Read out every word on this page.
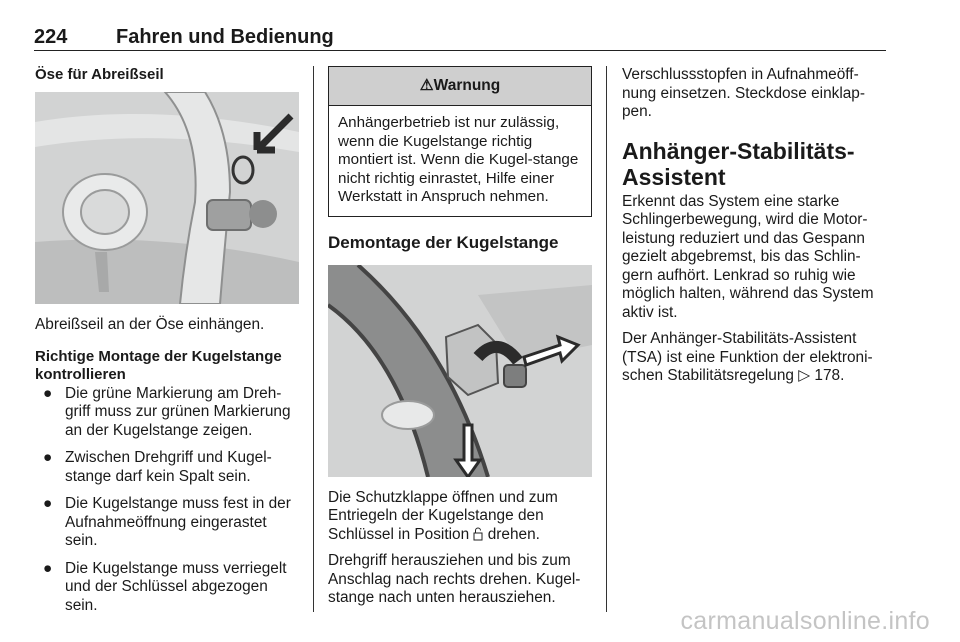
224 Fahren und Bedienung
Öse für Abreißseil

Abreißseil an der Öse einhängen.

Richtige Montage der Kugelstange kontrollieren
● Die grüne Markierung am Dreh-griff muss zur grünen Markierung an der Kugelstange zeigen.
● Zwischen Drehgriff und Kugel-stange darf kein Spalt sein.
● Die Kugelstange muss fest in der Aufnahmeöffnung eingerastet sein.
● Die Kugelstange muss verriegelt und der Schlüssel abgezogen sein.
⚠Warnung
Anhängerbetrieb ist nur zulässig, wenn die Kugelstange richtig montiert ist. Wenn die Kugel-stange nicht richtig einrastet, Hilfe einer Werkstatt in Anspruch nehmen.
Demontage der Kugelstange

Die Schutzklappe öffnen und zum Entriegeln der Kugelstange den Schlüssel in Position drehen.

Drehgriff herausziehen und bis zum Anschlag nach rechts drehen. Kugel-stange nach unten herausziehen.

Verschlussstopfen in Aufnahmeöff-nung einsetzen. Steckdose einklap-pen.

Anhänger-Stabilitäts-Assistent

Erkennt das System eine starke Schlingerbewegung, wird die Motor-leistung reduziert und das Gespann gezielt abgebremst, bis das Schlin-gern aufhört. Lenkrad so ruhig wie möglich halten, während das System aktiv ist.

Der Anhänger-Stabilitäts-Assistent (TSA) ist eine Funktion der elektroni-schen Stabilitätsregelung ▷ 178.

carmanualsonline.info
